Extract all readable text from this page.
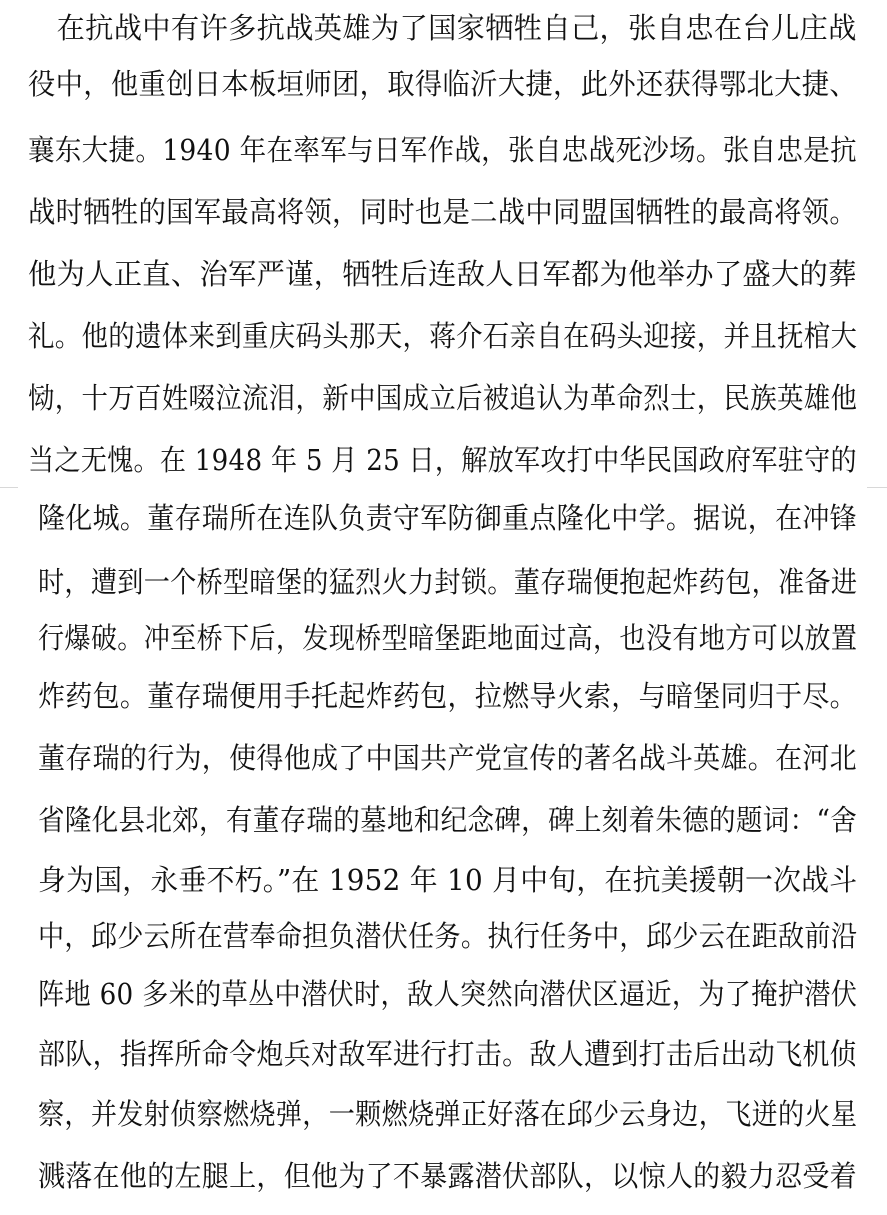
　在抗战中有许多抗战英雄为了国家牺牲自己，张自忠在台儿庄战
役中，他重创日本板垣师团，取得临沂大捷，此外还获得鄂北大捷、
襄东大捷。1940 年在率军与日军作战，张自忠战死沙场。张自忠是抗
战时牺牲的国军最高将领，同时也是二战中同盟国牺牲的最高将领。
他为人正直、治军严谨，牺牲后连敌人日军都为他举办了盛大的葬
礼。他的遗体来到重庆码头那天，蒋介石亲自在码头迎接，并且抚棺大
恸，十万百姓啜泣流泪，新中国成立后被追认为革命烈士，民族英雄他
当之无愧。在 1948 年 5 月 25 日，解放军攻打中华民国政府军驻守的
隆化城。董存瑞所在连队负责守军防御重点隆化中学。据说，在冲锋
时，遭到一个桥型暗堡的猛烈火力封锁。董存瑞便抱起炸药包，准备进
行爆破。冲至桥下后，发现桥型暗堡距地面过高，也没有地方可以放置
炸药包。董存瑞便用手托起炸药包，拉燃导火索，与暗堡同归于尽。
董存瑞的行为，使得他成了中国共产党宣传的著名战斗英雄。在河北
省隆化县北郊，有董存瑞的墓地和纪念碑，碑上刻着朱德的题词：“舍
身为国，永垂不朽。”在 1952 年 10 月中旬，在抗美援朝一次战斗
中，邱少云所在营奉命担负潜伏任务。执行任务中，邱少云在距敌前沿
阵地 60 多米的草丛中潜伏时，敌人突然向潜伏区逼近，为了掩护潜伏
部队，指挥所命令炮兵对敌军进行打击。敌人遭到打击后出动飞机侦
察，并发射侦察燃烧弹，一颗燃烧弹正好落在邱少云身边，飞迸的火星
溅落在他的左腿上，但他为了不暴露潜伏部队，以惊人的毅力忍受着
